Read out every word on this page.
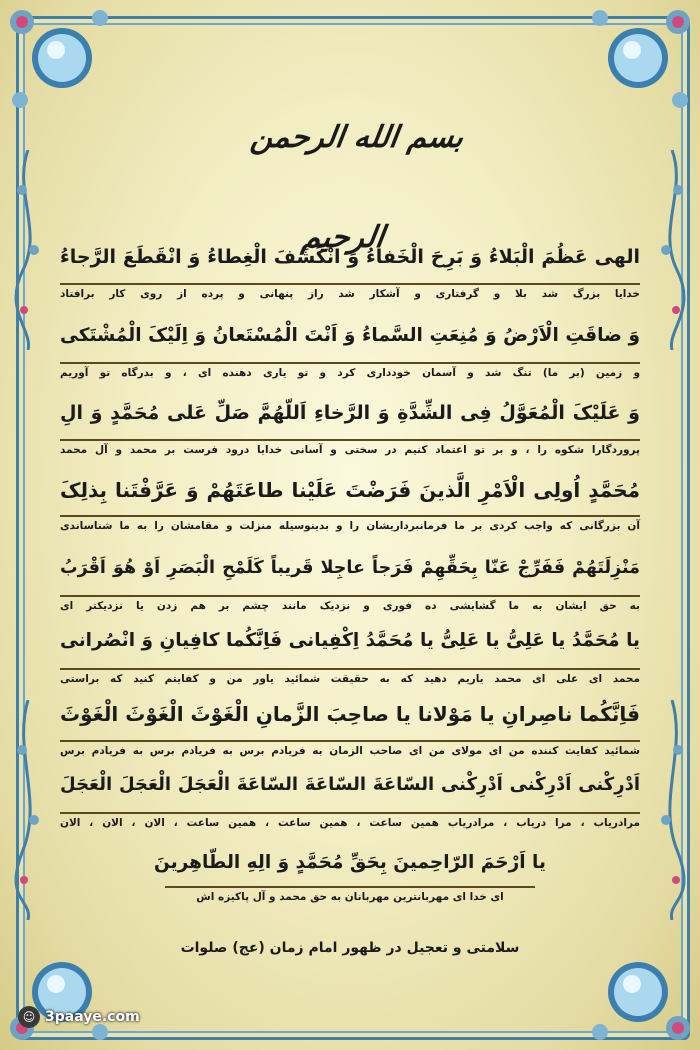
بسم الله الرحمن الرحیم
الهی عَظُمَ الْبَلاءُ وَ بَرِحَ الْخَفاءُ وَ انْکَشَفَ الْغِطاءُ وَ انْقَطَعَ الرَّجاءُ
خدایا بزرگ شد بلا و گرفتاری و آشکار شد راز پنهانی و پرده از روی کار برافتاد
وَ ضاقَتِ الْاَرْضُ وَ مُنِعَتِ السَّماءُ وَ اَنْتَ الْمُسْتَعانُ وَ اِلَیْکَ الْمُشْتَکی
و زمین (بر ما) تنگ شد و آسمان خودداری کرد و تو یاری دهنده ای ، و بدرگاه تو آوریم
وَ عَلَیْکَ الْمُعَوَّلُ فِی الشِّدَّةِ وَ الرَّخاءِ اَللّهُمَّ صَلِّ عَلی مُحَمَّدٍ وَ الِ
پروردگارا شکوه را ، و بر تو اعتماد کنیم در سختی و آسانی خدایا درود فرست بر محمد و آل محمد
مُحَمَّدٍ اُولِی الْاَمْرِ الَّذینَ فَرَضْتَ عَلَیْنا طاعَتَهُمْ وَ عَرَّفْتَنا بِذلِکَ
آن بزرگانی که واجب کردی بر ما فرمانبرداریشان را و بدینوسیله منزلت و مقامشان را به ما شناساندی
مَنْزِلَتَهُمْ فَفَرِّجْ عَنّا بِحَقِّهِمْ فَرَجاً عاجِلا قَریباً کَلَمْحِ الْبَصَرِ اَوْ هُوَ اَقْرَبُ
به حق ایشان به ما گشایشی ده فوری و نزدیک مانند چشم بر هم زدن یا نزدیکتر ای
یا مُحَمَّدُ یا عَلِیُّ یا عَلِیُّ یا مُحَمَّدُ اِکْفِیانی فَاِنَّکُما کافِیانِ وَ انْصُرانی
محمد ای علی ای محمد یاریم دهید که به حقیقت شمائید یاور من و کفایتم کنید که براستی
فَاِنَّکُما ناصِرانِ یا مَوْلانا یا صاحِبَ الزَّمانِ الْغَوْثَ الْغَوْثَ الْغَوْثَ
شمائید کفایت کننده من ای مولای من ای صاحب الزمان به فریادم برس به فریادم برس به فریادم برس
اَدْرِکْنی اَدْرِکْنی اَدْرِکْنی السّاعَةَ السّاعَةَ السّاعَةَ الْعَجَلَ الْعَجَلَ الْعَجَلَ
مرادریاب ، مرا دریاب ، مرادریاب همین ساعت ، همین ساعت ، همین ساعت ، الان ، الان ، الان
یا اَرْحَمَ الرّاحِمینَ بِحَقِّ مُحَمَّدٍ وَ الِهِ الطّاهِرینَ
ای خدا ای مهربانترین مهربانان به حق محمد و آل پاکیزه اش
سلامتی و تعجیل در ظهور امام زمان (عج) صلوات
☺ 3paaye.com
